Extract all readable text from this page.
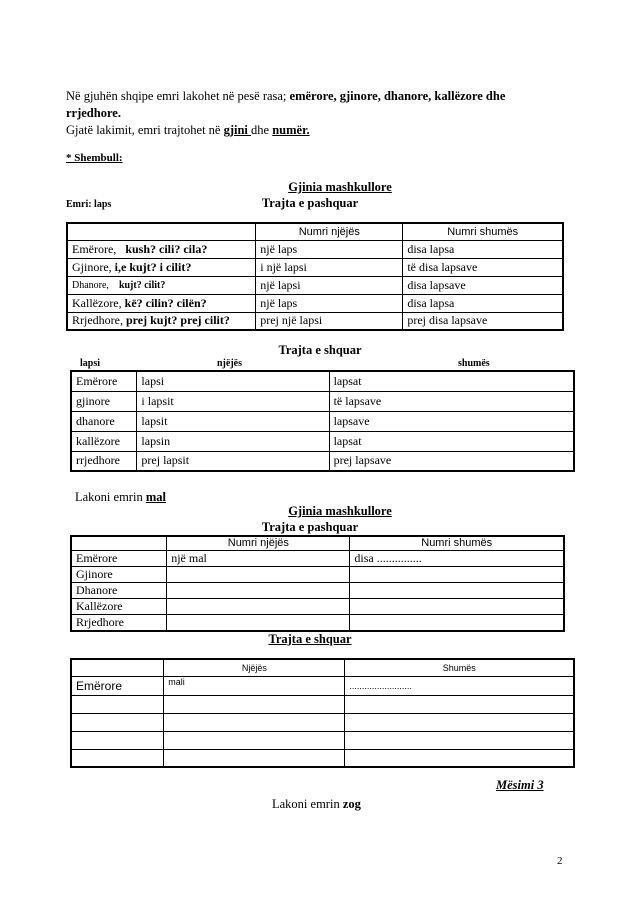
Në gjuhën shqipe emri lakohet në pesë rasa; emërore, gjinore, dhanore, kallëzore dhe rrjedhore.
Gjatë lakimit, emri trajtohet në gjini dhe numër.
* Shembull:
Gjinia mashkullore
Emri: laps	Trajta e pashquar
	Numri njëjës	Numri shumës
Emërore, kush? cili? cila?	një laps	disa lapsa
Gjinore, i,e kujt? i cilit?	i një lapsi	të disa lapsave
Dhanore, kujt? cilit?	një lapsi	disa lapsave
Kallëzore, kë? cilin? cilën?	një laps	disa lapsa
Rrjedhore, prej kujt? prej cilit?	prej një lapsi	prej disa lapsave
Trajta e shquar
lapsi	njëjës	shumës
Emërore	lapsi	lapsat
gjinore	i lapsit	të lapsave
dhanore	lapsit	lapsave
kallëzore	lapsin	lapsat
rrjedhore	prej lapsit	prej lapsave
Lakoni emrin mal
Gjinia mashkullore
Trajta e pashquar
	Numri njëjës	Numri shumës
Emërore	një mal	disa ...............
Gjinore		
Dhanore		
Kallëzore		
Rrjedhore		
Trajta e shquar
	Njëjës	Shumës
Emërore	mali	.........................

Mësimi 3
Lakoni emrin zog
2
